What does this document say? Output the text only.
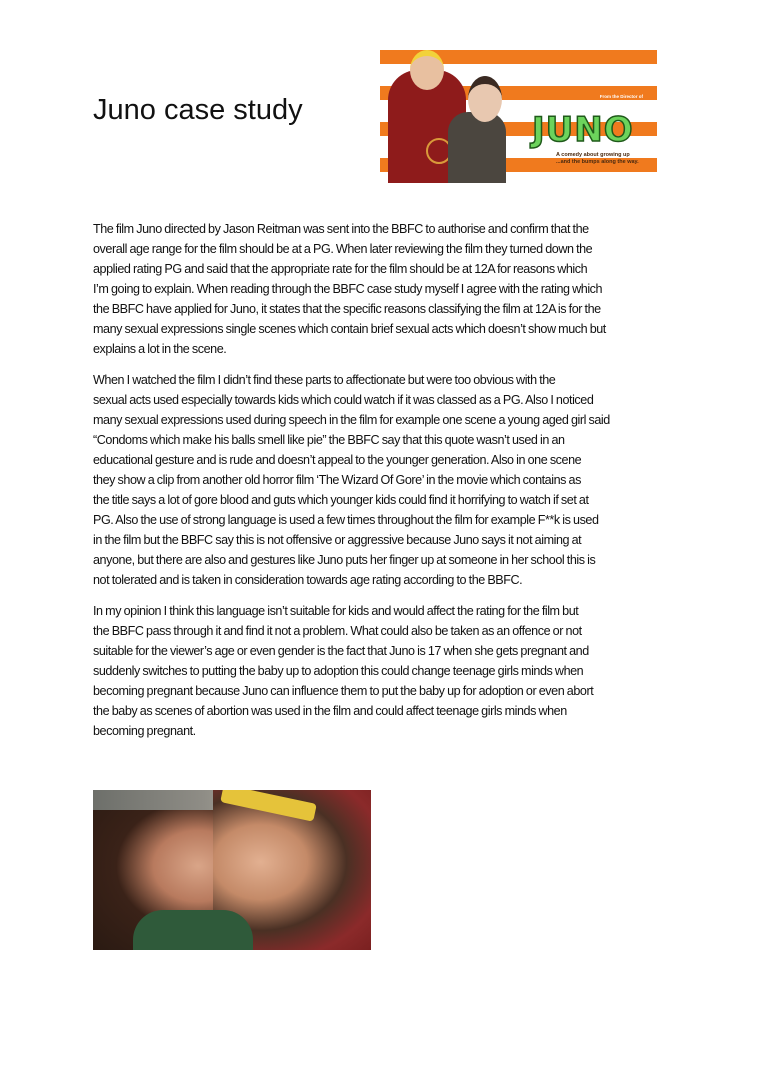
Juno case study	From the Director of
"THANK YOU FOR SMOKING"
JUNO
A comedy about growing up
...and the bumps along the way.
The film Juno directed by Jason Reitman was sent into the BBFC to authorise and confirm that the
overall age range for the film should be at a PG. When later reviewing the film they turned down the
applied rating PG and said that the appropriate rate for the film should be at 12A for reasons which
I’m going to explain. When reading through the BBFC case study myself I agree with the rating which
the BBFC have applied for Juno, it states that the specific reasons classifying the film at 12A is for the
many sexual expressions single scenes which contain brief sexual acts which doesn’t show much but
explains a lot in the scene.
When I watched the film I didn’t find these parts to affectionate but were too obvious with the
sexual acts used especially towards kids which could watch if it was classed as a PG. Also I noticed
many sexual expressions used during speech in the film for example one scene a young aged girl said
“Condoms which make his balls smell like pie” the BBFC say that this quote wasn’t used in an
educational gesture and is rude and doesn’t appeal to the younger generation. Also in one scene
they show a clip from another old horror film ‘The Wizard Of Gore’ in the movie which contains as
the title says a lot of gore blood and guts which younger kids could find it horrifying to watch if set at
PG. Also the use of strong language is used a few times throughout the film for example F**k is used
in the film but the BBFC say this is not offensive or aggressive because Juno says it not aiming at
anyone, but there are also and gestures like Juno puts her finger up at someone in her school this is
not tolerated and is taken in consideration towards age rating according to the BBFC.
In my opinion I think this language isn’t suitable for kids and would affect the rating for the film but
the BBFC pass through it and find it not a problem. What could also be taken as an offence or not
suitable for the viewer’s age or even gender is the fact that Juno is 17 when she gets pregnant and
suddenly switches to putting the baby up to adoption this could change teenage girls minds when
becoming pregnant because Juno can influence them to put the baby up for adoption or even abort
the baby as scenes of abortion was used in the film and could affect teenage girls minds when
becoming pregnant.
